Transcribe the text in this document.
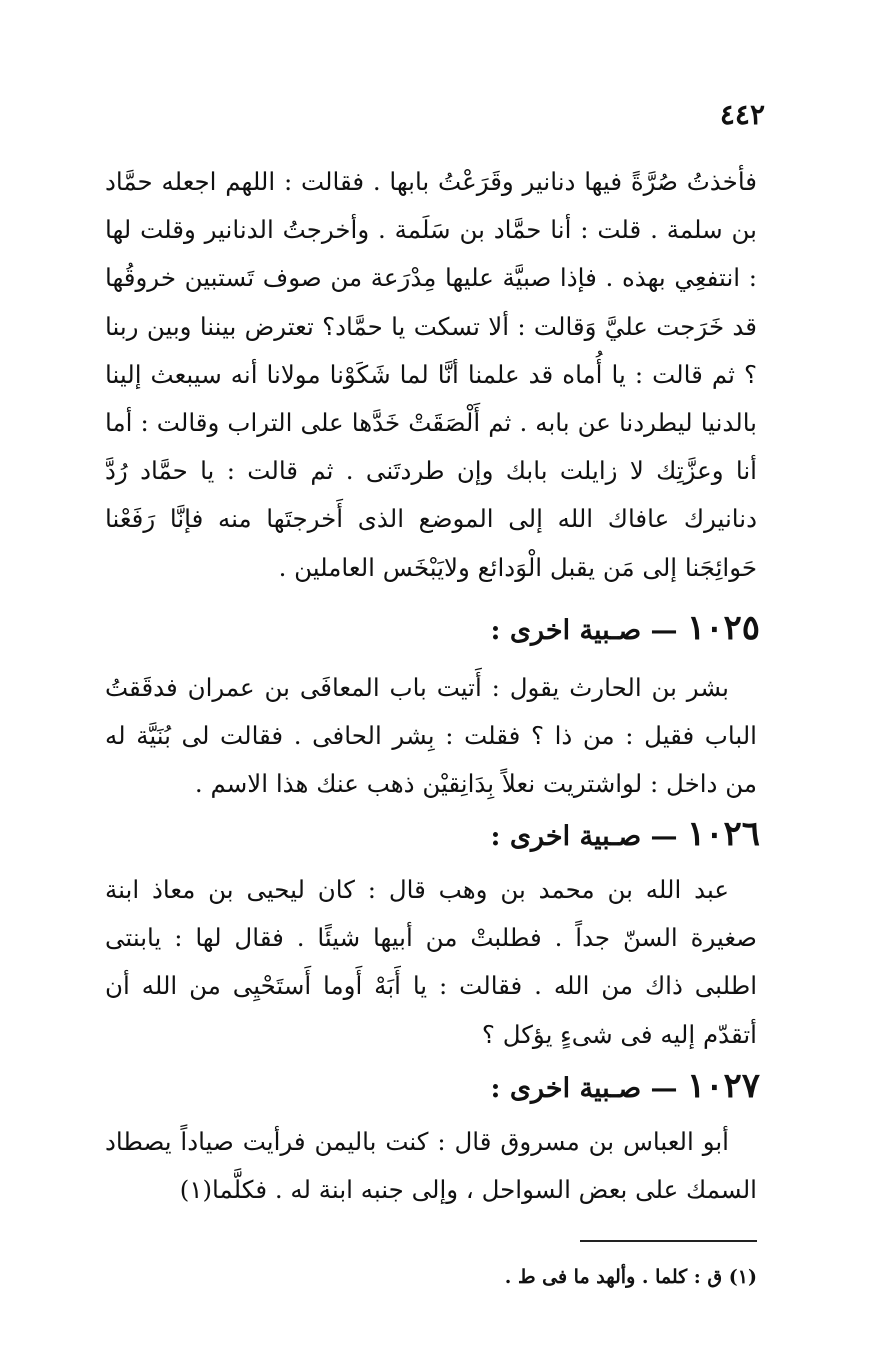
٤٤٢

فأخذتُ صُرَّةً فيها دنانير وقَرَعْتُ بابها . فقالت : اللهم اجعله حمَّاد بن سلمة . قلت : أنا حمَّاد بن سَلَمة . وأخرجتُ الدنانير وقلت لها : انتفعِي بهذه . فإذا صبيَّة عليها مِدْرَعة من صوف تَستبين خروقُها قد خَرَجت عليَّ وَقالت : ألا تسكت يا حمَّاد؟ تعترض بيننا وبين ربنا ؟ ثم قالت : يا أُماه قد علمنا أنَّا لما شَكَوْنا مولانا أنه سيبعث إلينا بالدنيا ليطردنا عن بابه . ثم أَلْصَقَتْ خَدَّها على التراب وقالت : أما أنا وعزَّتِك لا زايلت بابك وإن طردتَنى . ثم قالت : يا حمَّاد رُدَّ دنانيرك عافاك الله إلى الموضع الذى أَخرجتَها منه فإنَّا رَفَعْنا حَوائِجَنا إلى مَن يقبل الْوَدائع ولايَبْخَس العاملين .

١٠٢٥ — صـبية اخرى :

بشر بن الحارث يقول : أَتيت باب المعافَى بن عمران فدقَقتُ الباب فقيل : من ذا ؟ فقلت : بِشر الحافى . فقالت لى بُنَيَّة له من داخل : لواشتريت نعلاً بِدَانِقيْن ذهب عنك هذا الاسم .

١٠٢٦ — صـبية اخرى :

عبد الله بن محمد بن وهب قال : كان ليحيى بن معاذ ابنة صغيرة السنّ جداً . فطلبتْ من أبيها شيئًا . فقال لها : يابنتى اطلبى ذاك من الله . فقالت : يا أَبَهْ أَوما أَستَحْيِى من الله أن أتقدّم إليه فى شىءٍ يؤكل ؟

١٠٢٧ — صـبية اخرى :

أبو العباس بن مسروق قال : كنت باليمن فرأيت صياداً يصطاد السمك على بعض السواحل ، وإلى جنبه ابنة له . فكلَّما(١)

(١) ق : كلما . وألهد ما فى ط .
